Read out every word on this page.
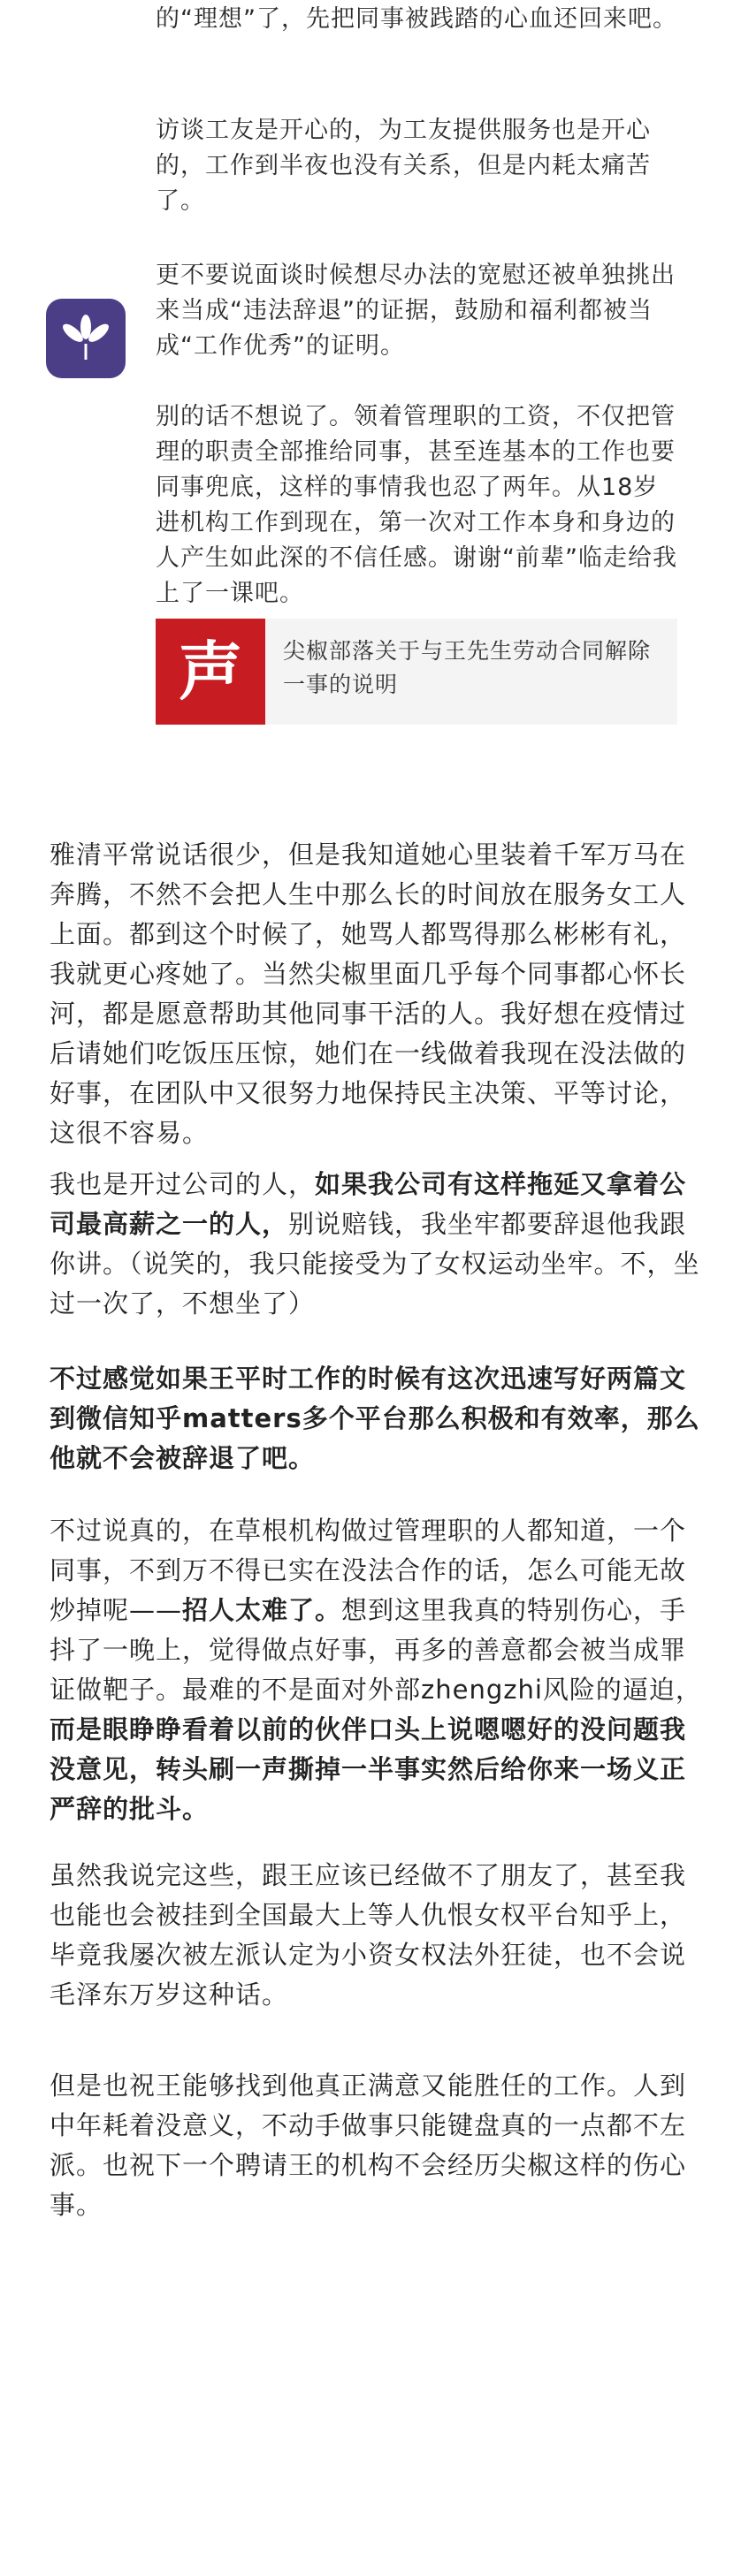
的“理想”了，先把同事被践踏的心血还回来吧。

访谈工友是开心的，为工友提供服务也是开心的，工作到半夜也没有关系，但是内耗太痛苦了。

更不要说面谈时候想尽办法的宽慰还被单独挑出来当成“违法辞退”的证据，鼓励和福利都被当成“工作优秀”的证明。

别的话不想说了。领着管理职的工资，不仅把管理的职责全部推给同事，甚至连基本的工作也要同事兜底，这样的事情我也忍了两年。从18岁进机构工作到现在，第一次对工作本身和身边的人产生如此深的不信任感。谢谢“前辈”临走给我上了一课吧。

声 尖椒部落关于与王先生劳动合同解除一事的说明

雅清平常说话很少，但是我知道她心里装着千军万马在奔腾，不然不会把人生中那么长的时间放在服务女工人上面。都到这个时候了，她骂人都骂得那么彬彬有礼，我就更心疼她了。当然尖椒里面几乎每个同事都心怀长河，都是愿意帮助其他同事干活的人。我好想在疫情过后请她们吃饭压压惊，她们在一线做着我现在没法做的好事，在团队中又很努力地保持民主决策、平等讨论，这很不容易。

我也是开过公司的人，如果我公司有这样拖延又拿着公司最高薪之一的人，别说赔钱，我坐牢都要辞退他我跟你讲。（说笑的，我只能接受为了女权运动坐牢。不，坐过一次了，不想坐了）

不过感觉如果王平时工作的时候有这次迅速写好两篇文到微信知乎matters多个平台那么积极和有效率，那么他就不会被辞退了吧。

不过说真的，在草根机构做过管理职的人都知道，一个同事，不到万不得已实在没法合作的话，怎么可能无故炒掉呢——招人太难了。想到这里我真的特别伤心，手抖了一晚上，觉得做点好事，再多的善意都会被当成罪证做靶子。最难的不是面对外部zhengzhi风险的逼迫，而是眼睁睁看着以前的伙伴口头上说嗯嗯好的没问题我没意见，转头刷一声撕掉一半事实然后给你来一场义正严辞的批斗。

虽然我说完这些，跟王应该已经做不了朋友了，甚至我也能也会被挂到全国最大上等人仇恨女权平台知乎上，毕竟我屡次被左派认定为小资女权法外狂徒，也不会说毛泽东万岁这种话。

但是也祝王能够找到他真正满意又能胜任的工作。人到中年耗着没意义，不动手做事只能键盘真的一点都不左派。也祝下一个聘请王的机构不会经历尖椒这样的伤心事。
